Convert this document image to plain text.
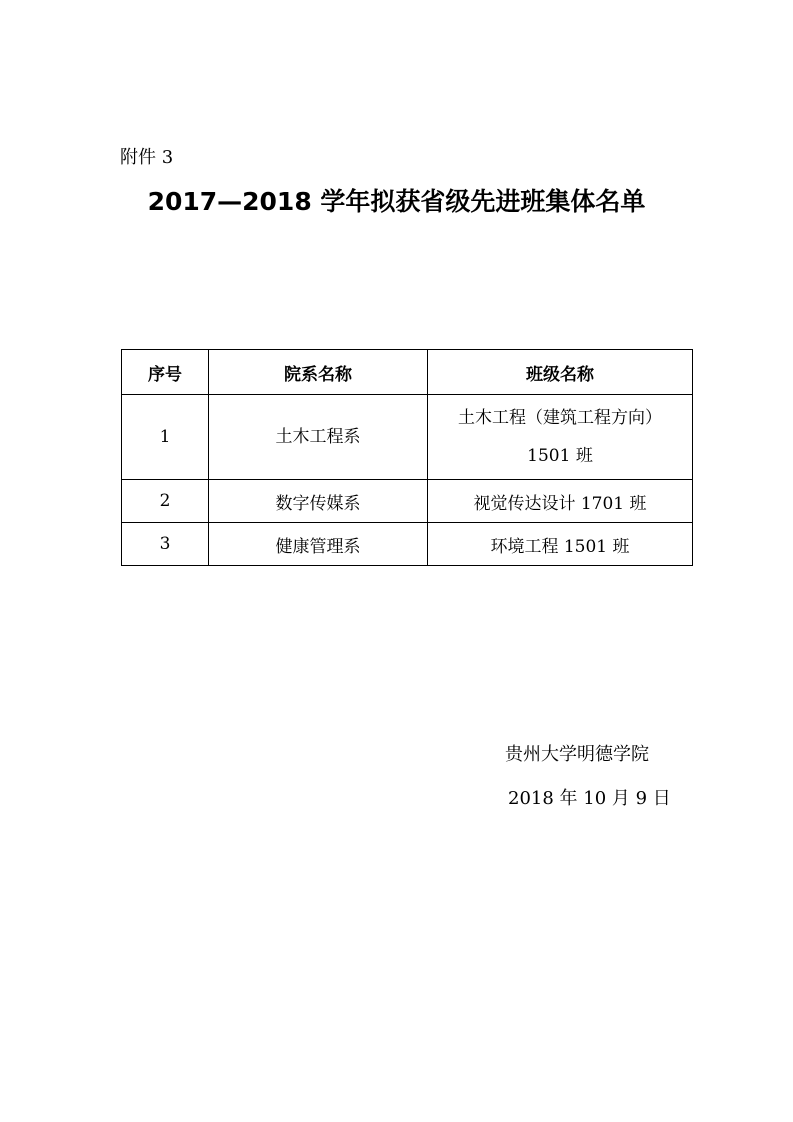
附件 3
2017—2018 学年拟获省级先进班集体名单
序号	院系名称	班级名称
1	土木工程系	土木工程（建筑工程方向）
1501 班

2	数字传媒系	视觉传达设计 1701 班
3	健康管理系	环境工程 1501 班
贵州大学明德学院
2018 年 10 月 9 日
